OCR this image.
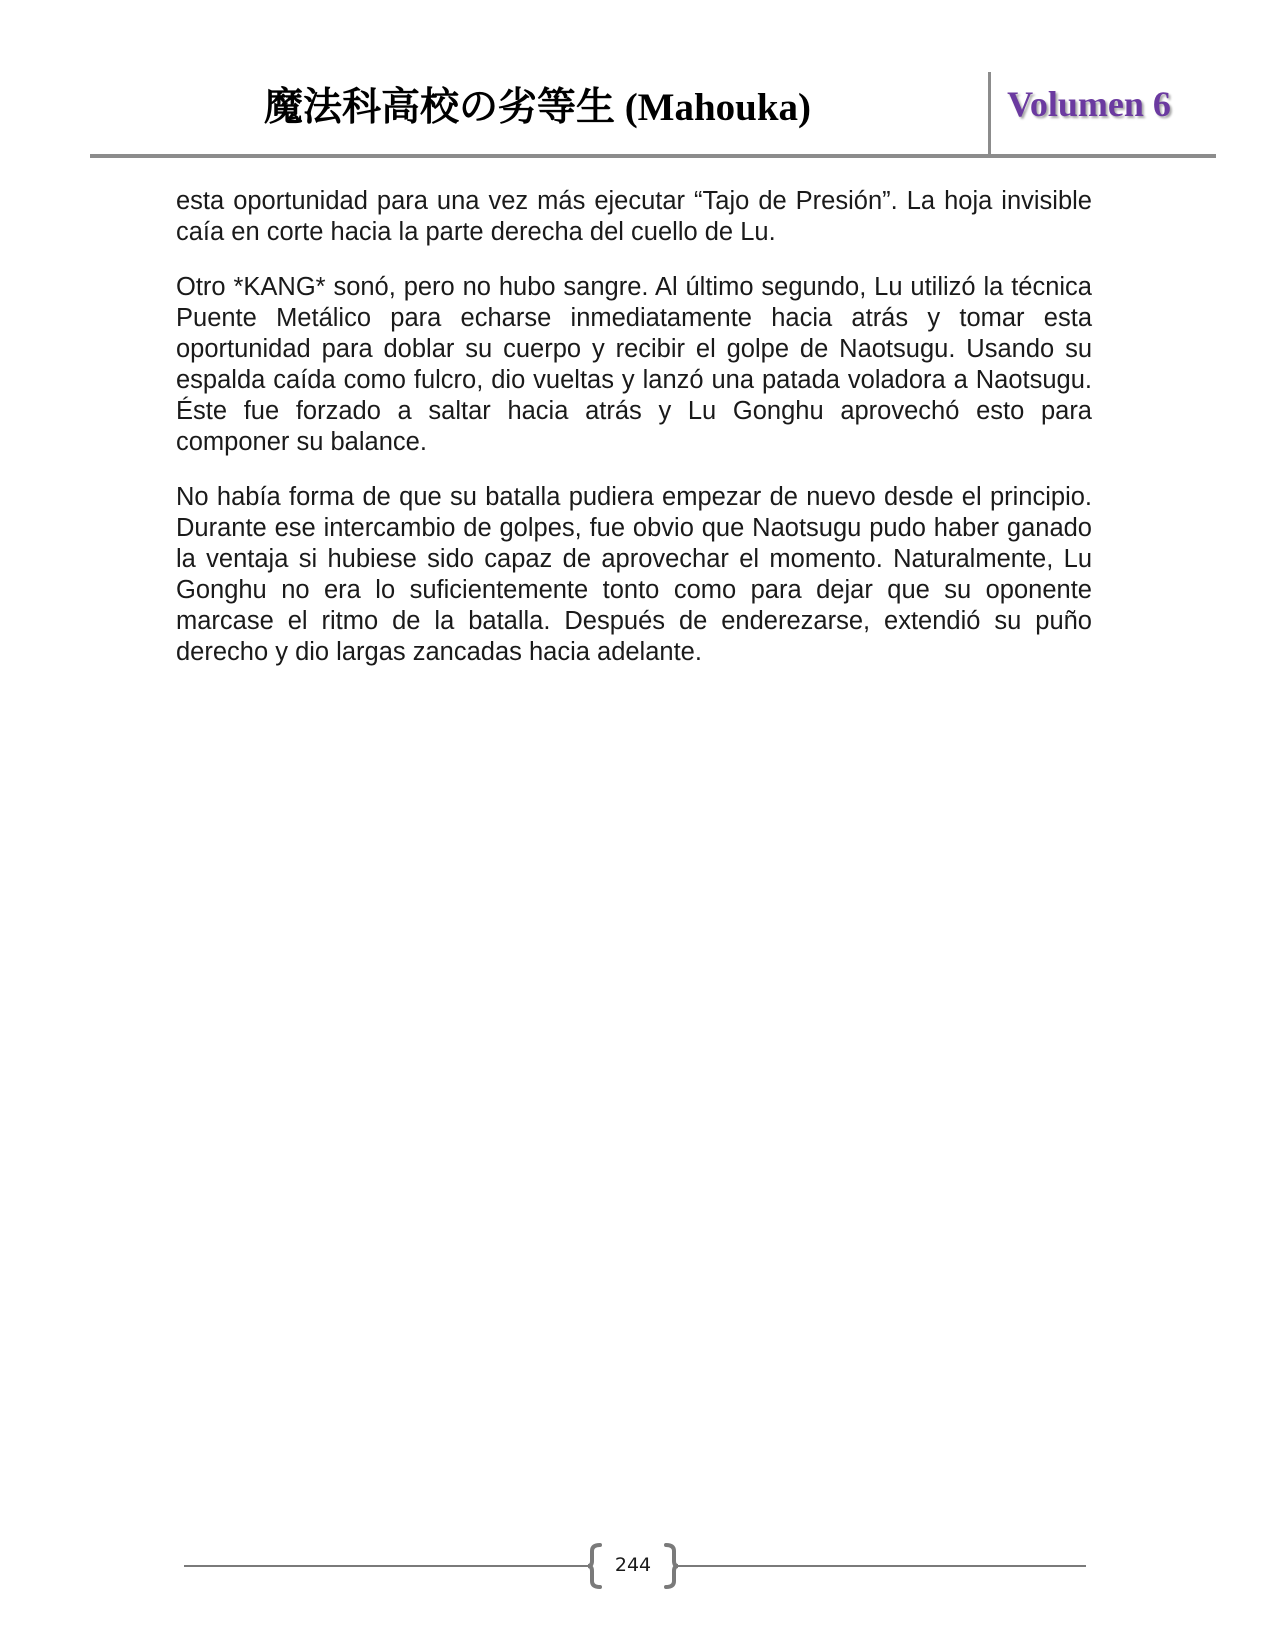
魔法科高校の劣等生 (Mahouka)	Volumen 6

esta oportunidad para una vez más ejecutar “Tajo de Presión”. La hoja invisible caía en corte hacia la parte derecha del cuello de Lu.

Otro *KANG* sonó, pero no hubo sangre. Al último segundo, Lu utilizó la técnica Puente Metálico para echarse inmediatamente hacia atrás y tomar esta oportunidad para doblar su cuerpo y recibir el golpe de Naotsugu. Usando su espalda caída como fulcro, dio vueltas y lanzó una patada voladora a Naotsugu. Éste fue forzado a saltar hacia atrás y Lu Gonghu aprovechó esto para componer su balance.

No había forma de que su batalla pudiera empezar de nuevo desde el principio. Durante ese intercambio de golpes, fue obvio que Naotsugu pudo haber ganado la ventaja si hubiese sido capaz de aprovechar el momento. Naturalmente, Lu Gonghu no era lo suficientemente tonto como para dejar que su oponente marcase el ritmo de la batalla. Después de enderezarse, extendió su puño derecho y dio largas zancadas hacia adelante.

244
